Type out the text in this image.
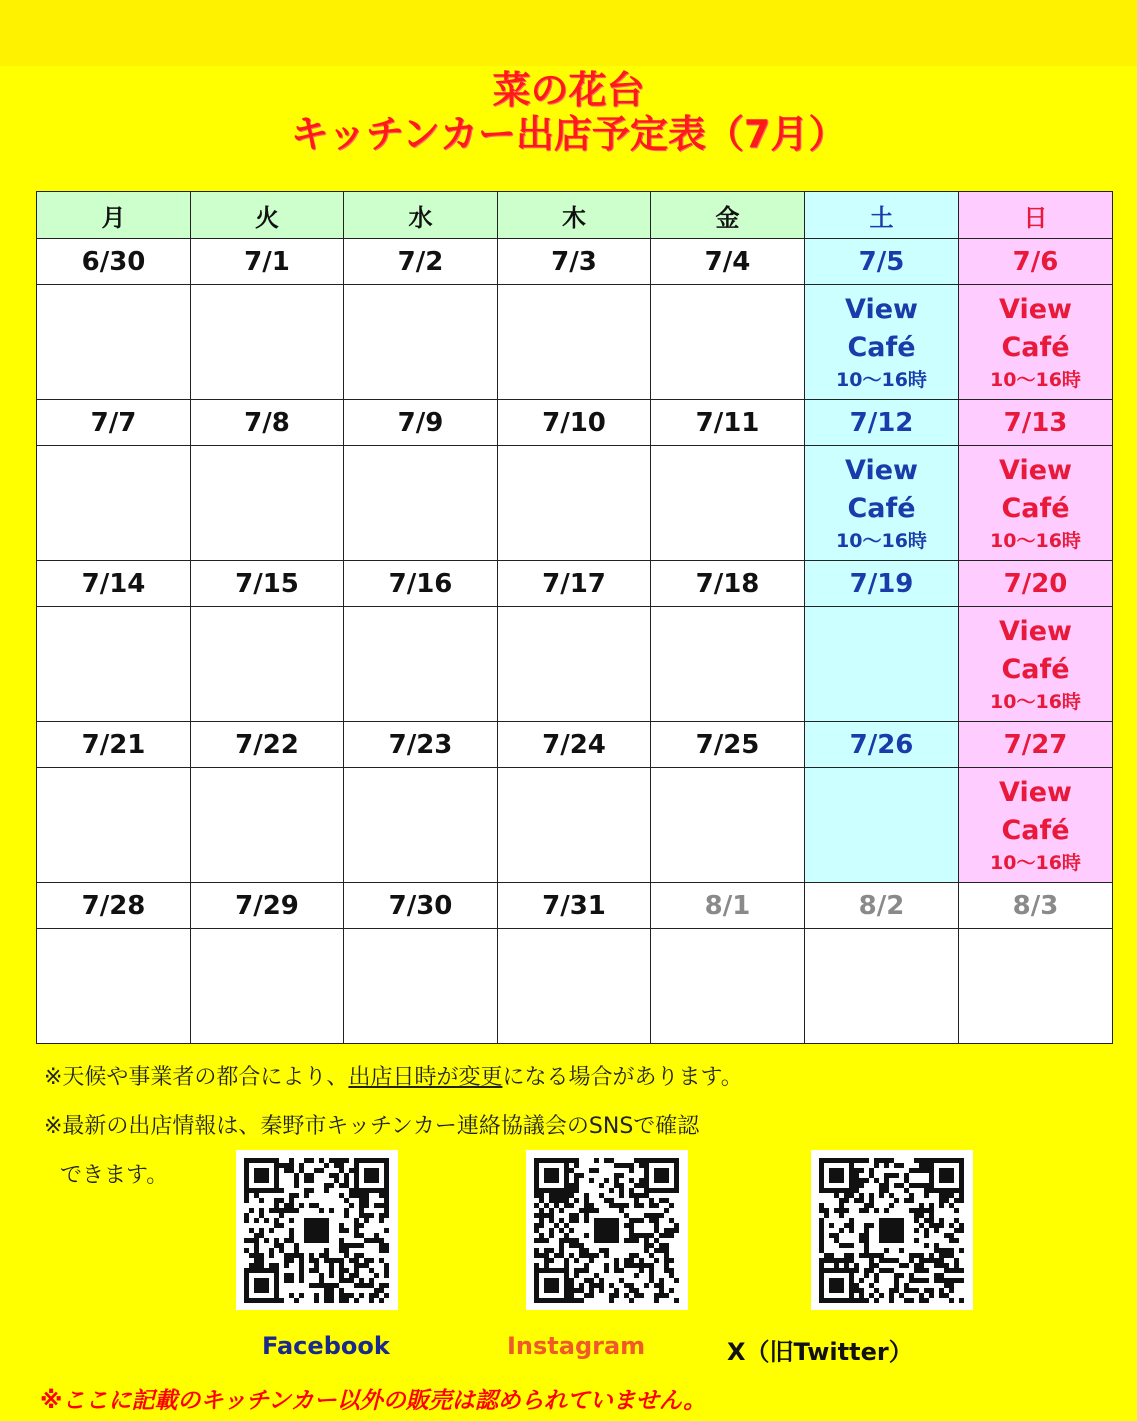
菜の花台
キッチンカー出店予定表（7月）
月	火	水	木	金	土	日
6/30	7/1	7/2	7/3	7/4	7/5	7/6

					View
Café
10～16時	View
Café
10～16時

7/7	7/8	7/9	7/10	7/11	7/12	7/13

					View
Café
10～16時	View
Café
10～16時

7/14	7/15	7/16	7/17	7/18	7/19	7/20

						View
Café
10～16時

7/21	7/22	7/23	7/24	7/25	7/26	7/27

						View
Café
10～16時

7/28	7/29	7/30	7/31	8/1	8/2	8/3

※天候や事業者の都合により、出店日時が変更になる場合があります。
※最新の出店情報は、秦野市キッチンカー連絡協議会のSNSで確認
できます。
Facebook	Instagram	X（旧Twitter）
※ここに記載のキッチンカー以外の販売は認められていません。
